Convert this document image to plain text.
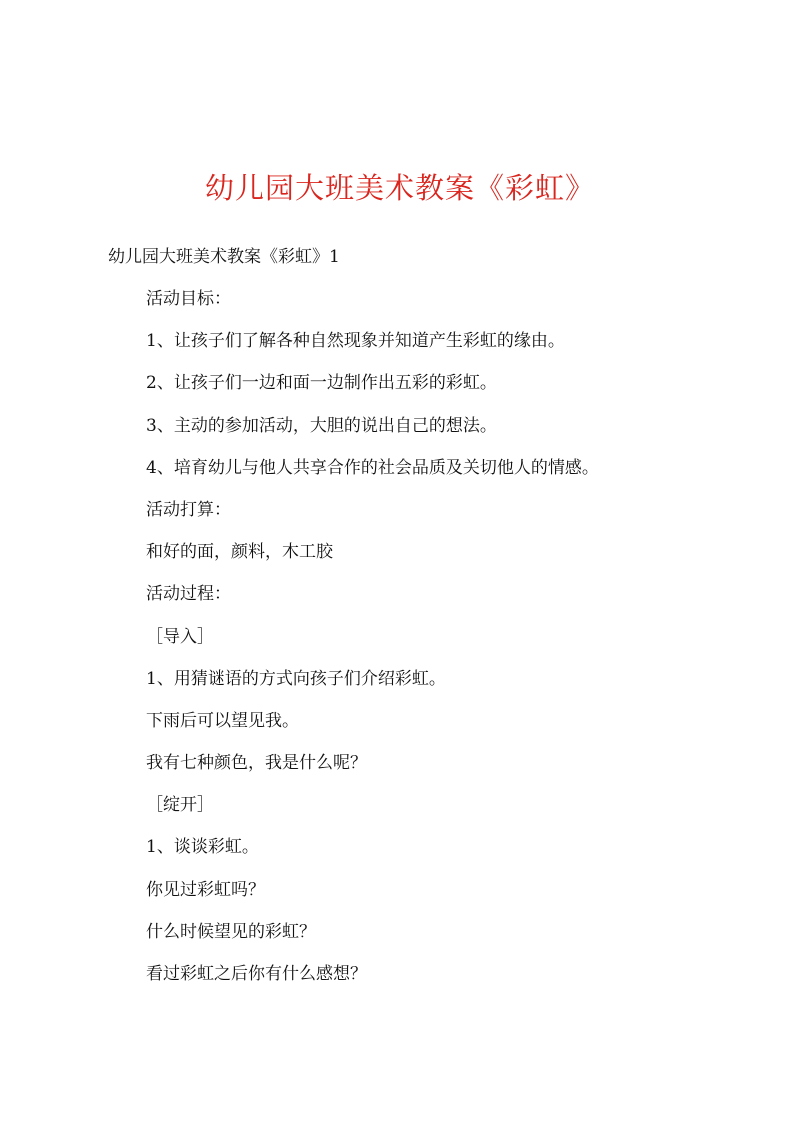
幼儿园大班美术教案《彩虹》
幼儿园大班美术教案《彩虹》1
活动目标：
1、让孩子们了解各种自然现象并知道产生彩虹的缘由。
2、让孩子们一边和面一边制作出五彩的彩虹。
3、主动的参加活动，大胆的说出自己的想法。
4、培育幼儿与他人共享合作的社会品质及关切他人的情感。
活动打算：
和好的面，颜料，木工胶
活动过程：
［导入］
1、用猜谜语的方式向孩子们介绍彩虹。
下雨后可以望见我。
我有七种颜色，我是什么呢？
［绽开］
1、谈谈彩虹。
你见过彩虹吗？
什么时候望见的彩虹？
看过彩虹之后你有什么感想？
